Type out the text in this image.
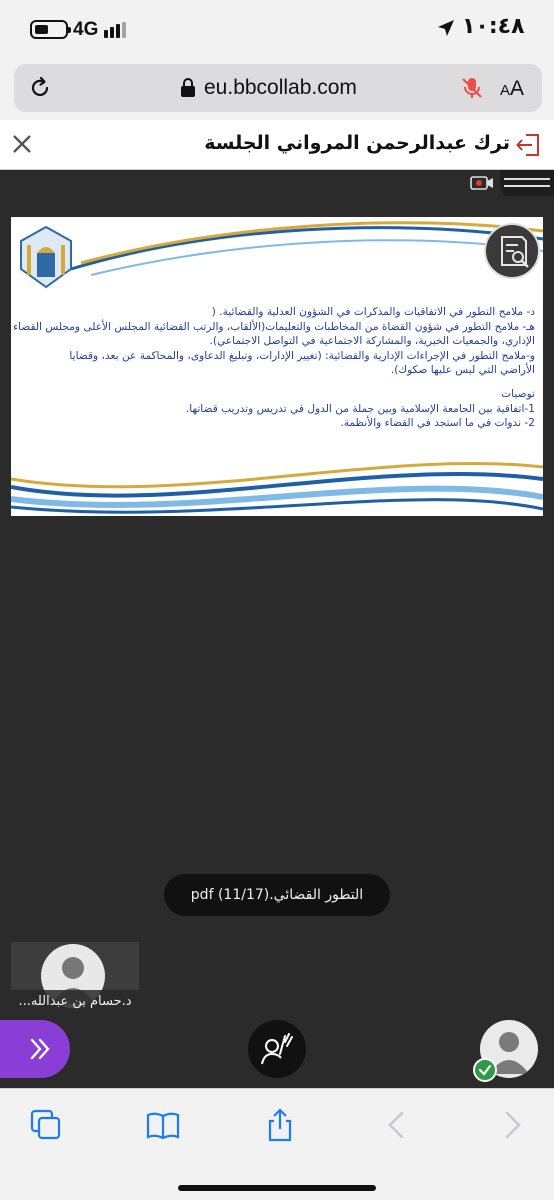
4G	١٠:٤٨
eu.bbcollab.com	AA
ترك عبدالرحمن المرواني الجلسة

د- ملامح التطور في الاتفاقيات والمذكرات في الشؤون العدلية والقضائية. (

هـ- ملامح التطور في شؤون القضاة من المخاطبات والتعليمات(الألقاب، والرتب القضائية المجلس الأعلى ومجلس القضاء

الإداري، والجمعيات الخيرية، والمشاركة الاجتماعية في التواصل الاجتماعي).

و-ملامح التطور في الإجراءات الإدارية والقضائية: (تغيير الإدارات، وتبليغ الدعاوى، والمحاكمة عن بعد، وقضايا

الأراضي التي ليس عليها صكوك).

توصيات

1-اتفاقية بين الجامعة الإسلامية وبين جملة من الدول في تدريس وتدريب قضاتها.

2- ندوات في ما استجد في القضاء والأنظمة.

التطور القضائي.pdf (11/17)
د.حسام بن عبدالله...
